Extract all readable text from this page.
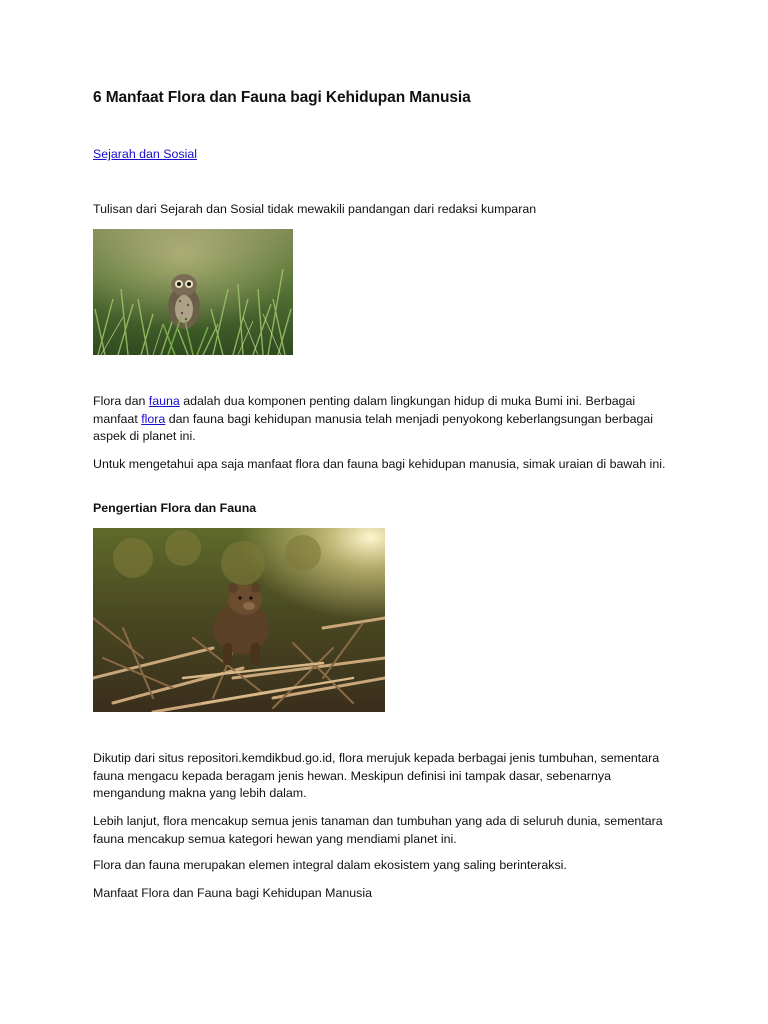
6 Manfaat Flora dan Fauna bagi Kehidupan Manusia

Sejarah dan Sosial

Tulisan dari Sejarah dan Sosial tidak mewakili pandangan dari redaksi kumparan

Flora dan fauna adalah dua komponen penting dalam lingkungan hidup di muka Bumi ini. Berbagai manfaat flora dan fauna bagi kehidupan manusia telah menjadi penyokong keberlangsungan berbagai aspek di planet ini.

Untuk mengetahui apa saja manfaat flora dan fauna bagi kehidupan manusia, simak uraian di bawah ini.

Pengertian Flora dan Fauna

Dikutip dari situs repositori.kemdikbud.go.id, flora merujuk kepada berbagai jenis tumbuhan, sementara fauna mengacu kepada beragam jenis hewan. Meskipun definisi ini tampak dasar, sebenarnya mengandung makna yang lebih dalam.

Lebih lanjut, flora mencakup semua jenis tanaman dan tumbuhan yang ada di seluruh dunia, sementara fauna mencakup semua kategori hewan yang mendiami planet ini.

Flora dan fauna merupakan elemen integral dalam ekosistem yang saling berinteraksi.

Manfaat Flora dan Fauna bagi Kehidupan Manusia
